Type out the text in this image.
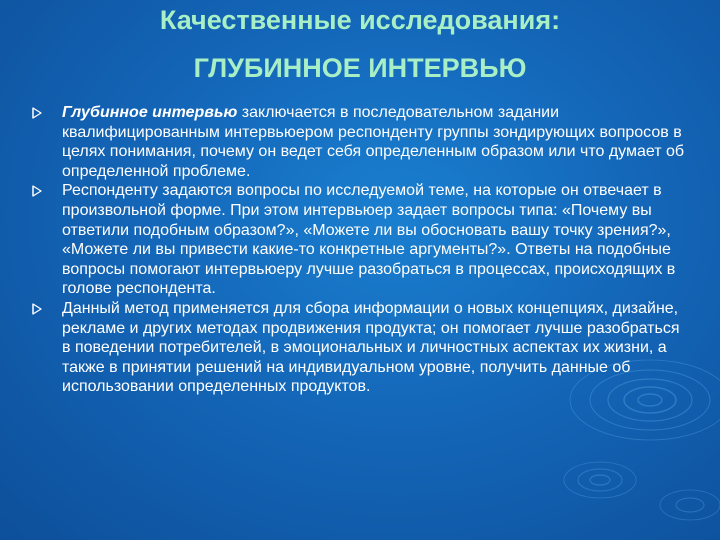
Качественные исследования:
ГЛУБИННОЕ ИНТЕРВЬЮ
Глубинное интервью заключается в последовательном задании квалифицированным интервьюером респонденту группы зондирующих вопросов в целях понимания, почему он ведет себя определенным образом или что думает об определенной проблеме.
Респонденту задаются вопросы по исследуемой теме, на которые он отвечает в произвольной форме. При этом интервьюер задает вопросы типа: «Почему вы ответили подобным образом?», «Можете ли вы обосновать вашу точку зрения?», «Можете ли вы привести какие-то конкретные аргументы?». Ответы на подобные вопросы помогают интервьюеру лучше разобраться в процессах, происходящих в голове респондента.
Данный метод применяется для сбора информации о новых концепциях, дизайне, рекламе и других методах продвижения продукта; он помогает лучше разобраться в поведении потребителей, в эмоциональных и личностных аспектах их жизни, а также в принятии решений на индивидуальном уровне, получить данные об использовании определенных продуктов.
